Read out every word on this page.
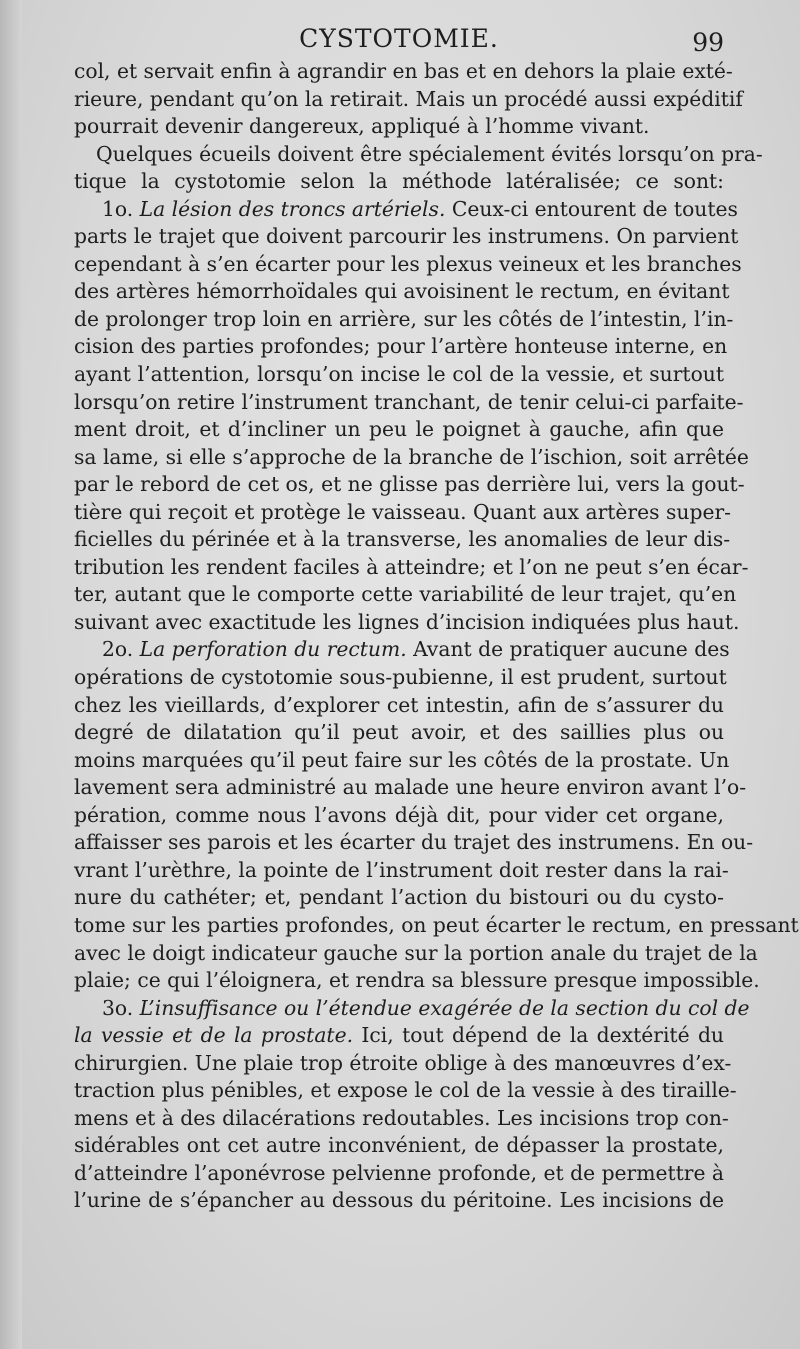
CYSTOTOMIE.	99
col, et servait enfin à agrandir en bas et en dehors la plaie exté-
rieure, pendant qu’on la retirait. Mais un procédé aussi expéditif
pourrait devenir dangereux, appliqué à l’homme vivant.
Quelques écueils doivent être spécialement évités lorsqu’on pra-
tique la cystotomie selon la méthode latéralisée; ce sont:
1o. La lésion des troncs artériels. Ceux-ci entourent de toutes
parts le trajet que doivent parcourir les instrumens. On parvient
cependant à s’en écarter pour les plexus veineux et les branches
des artères hémorrhoïdales qui avoisinent le rectum, en évitant
de prolonger trop loin en arrière, sur les côtés de l’intestin, l’in-
cision des parties profondes; pour l’artère honteuse interne, en
ayant l’attention, lorsqu’on incise le col de la vessie, et surtout
lorsqu’on retire l’instrument tranchant, de tenir celui-ci parfaite-
ment droit, et d’incliner un peu le poignet à gauche, afin que
sa lame, si elle s’approche de la branche de l’ischion, soit arrêtée
par le rebord de cet os, et ne glisse pas derrière lui, vers la gout-
tière qui reçoit et protège le vaisseau. Quant aux artères super-
ficielles du périnée et à la transverse, les anomalies de leur dis-
tribution les rendent faciles à atteindre; et l’on ne peut s’en écar-
ter, autant que le comporte cette variabilité de leur trajet, qu’en
suivant avec exactitude les lignes d’incision indiquées plus haut.
2o. La perforation du rectum. Avant de pratiquer aucune des
opérations de cystotomie sous-pubienne, il est prudent, surtout
chez les vieillards, d’explorer cet intestin, afin de s’assurer du
degré de dilatation qu’il peut avoir, et des saillies plus ou
moins marquées qu’il peut faire sur les côtés de la prostate. Un
lavement sera administré au malade une heure environ avant l’o-
pération, comme nous l’avons déjà dit, pour vider cet organe,
affaisser ses parois et les écarter du trajet des instrumens. En ou-
vrant l’urèthre, la pointe de l’instrument doit rester dans la rai-
nure du cathéter; et, pendant l’action du bistouri ou du cysto-
tome sur les parties profondes, on peut écarter le rectum, en pressant
avec le doigt indicateur gauche sur la portion anale du trajet de la
plaie; ce qui l’éloignera, et rendra sa blessure presque impossible.
3o. L’insuffisance ou l’étendue exagérée de la section du col de
la vessie et de la prostate. Ici, tout dépend de la dextérité du
chirurgien. Une plaie trop étroite oblige à des manœuvres d’ex-
traction plus pénibles, et expose le col de la vessie à des tiraille-
mens et à des dilacérations redoutables. Les incisions trop con-
sidérables ont cet autre inconvénient, de dépasser la prostate,
d’atteindre l’aponévrose pelvienne profonde, et de permettre à
l’urine de s’épancher au dessous du péritoine. Les incisions de
